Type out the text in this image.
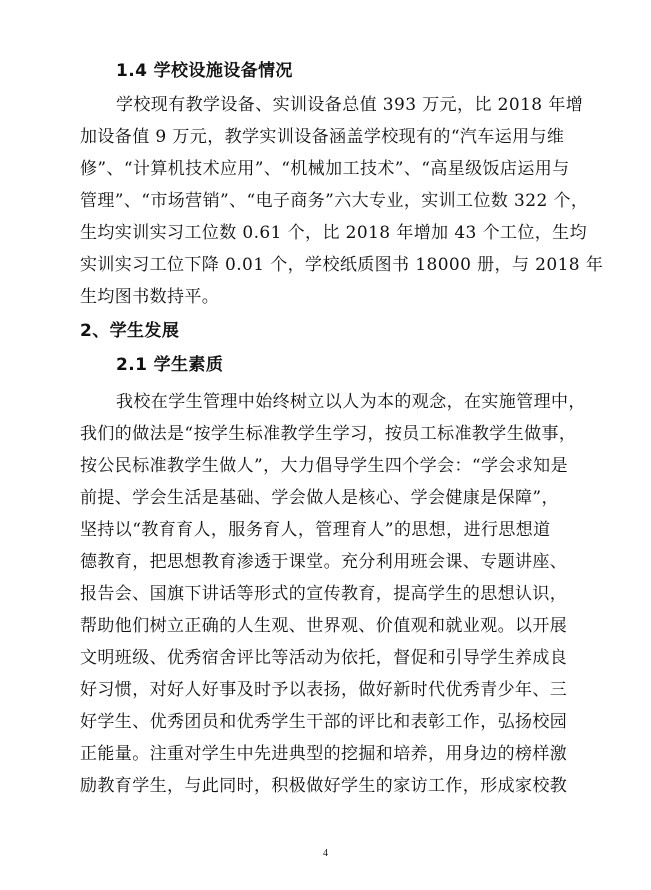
1.4 学校设施设备情况
学校现有教学设备、实训设备总值 393 万元，比 2018 年增
加设备值 9 万元，教学实训设备涵盖学校现有的“汽车运用与维
修”、“计算机技术应用”、“机械加工技术”、“高星级饭店运用与
管理”、“市场营销”、“电子商务”六大专业，实训工位数 322 个，
生均实训实习工位数 0.61 个，比 2018 年增加 43 个工位，生均
实训实习工位下降 0.01 个，学校纸质图书 18000 册，与 2018 年
生均图书数持平。
2、学生发展
2.1 学生素质
我校在学生管理中始终树立以人为本的观念，在实施管理中，
我们的做法是“按学生标准教学生学习，按员工标准教学生做事，
按公民标准教学生做人”，大力倡导学生四个学会：“学会求知是
前提、学会生活是基础、学会做人是核心、学会健康是保障”，
坚持以“教育育人，服务育人，管理育人”的思想，进行思想道
德教育，把思想教育渗透于课堂。充分利用班会课、专题讲座、
报告会、国旗下讲话等形式的宣传教育，提高学生的思想认识，
帮助他们树立正确的人生观、世界观、价值观和就业观。以开展
文明班级、优秀宿舍评比等活动为依托，督促和引导学生养成良
好习惯，对好人好事及时予以表扬，做好新时代优秀青少年、三
好学生、优秀团员和优秀学生干部的评比和表彰工作，弘扬校园
正能量。注重对学生中先进典型的挖掘和培养，用身边的榜样激
励教育学生，与此同时，积极做好学生的家访工作，形成家校教
4
